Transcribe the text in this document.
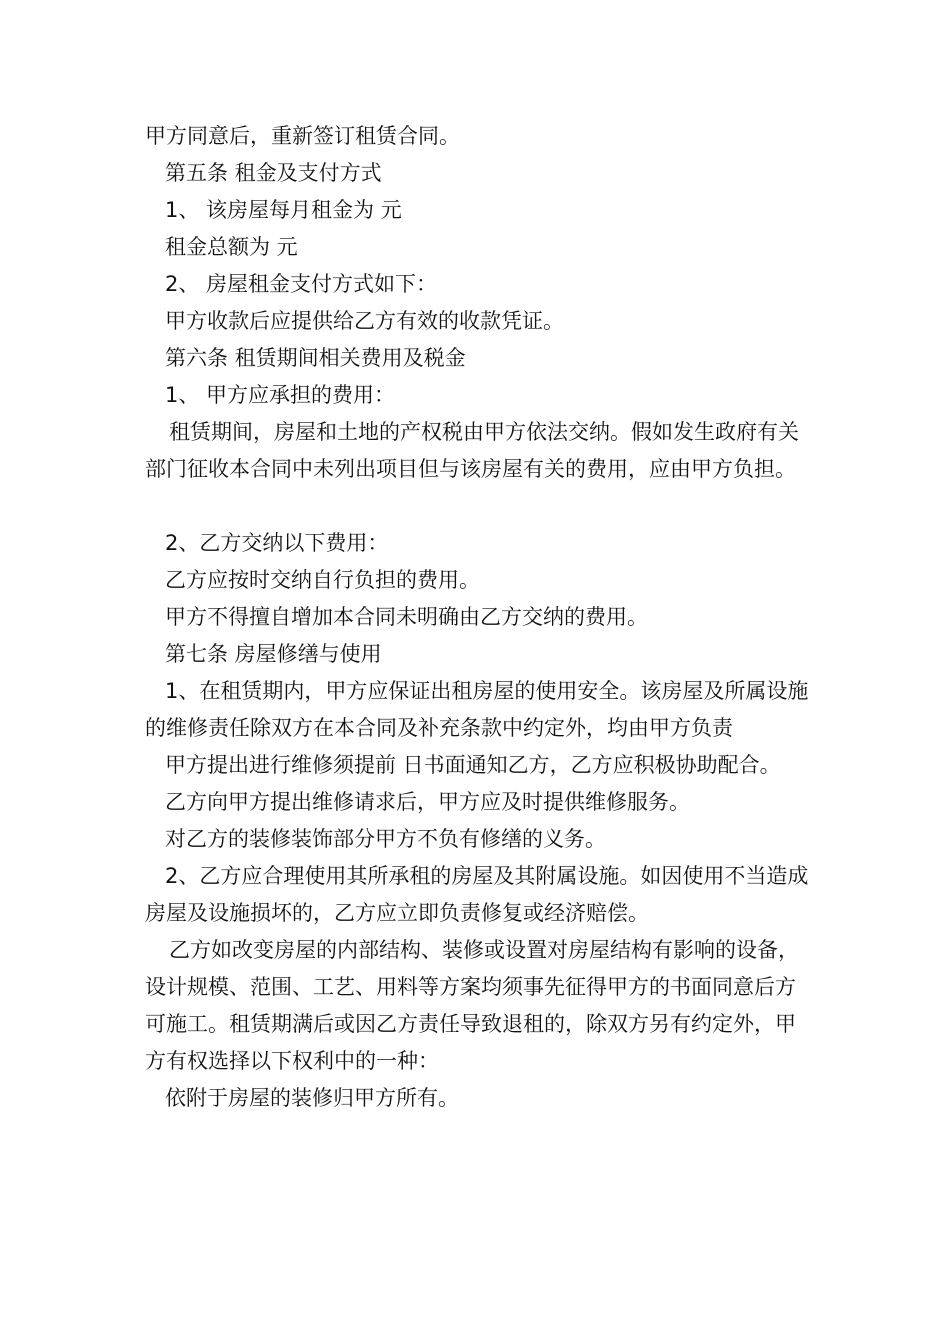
甲方同意后，重新签订租赁合同。

第五条 租金及支付方式

1、 该房屋每月租金为 元

租金总额为 元

2、 房屋租金支付方式如下：

甲方收款后应提供给乙方有效的收款凭证。

第六条 租赁期间相关费用及税金

1、 甲方应承担的费用：

租赁期间，房屋和土地的产权税由甲方依法交纳。假如发生政府有关部门征收本合同中未列出项目但与该房屋有关的费用，应由甲方负担。

2、乙方交纳以下费用：

乙方应按时交纳自行负担的费用。

甲方不得擅自增加本合同未明确由乙方交纳的费用。

第七条 房屋修缮与使用

1、在租赁期内，甲方应保证出租房屋的使用安全。该房屋及所属设施的维修责任除双方在本合同及补充条款中约定外，均由甲方负责

甲方提出进行维修须提前 日书面通知乙方，乙方应积极协助配合。

乙方向甲方提出维修请求后，甲方应及时提供维修服务。

对乙方的装修装饰部分甲方不负有修缮的义务。

2、乙方应合理使用其所承租的房屋及其附属设施。如因使用不当造成房屋及设施损坏的，乙方应立即负责修复或经济赔偿。

乙方如改变房屋的内部结构、装修或设置对房屋结构有影响的设备，设计规模、范围、工艺、用料等方案均须事先征得甲方的书面同意后方可施工。租赁期满后或因乙方责任导致退租的，除双方另有约定外，甲方有权选择以下权利中的一种：

依附于房屋的装修归甲方所有。
